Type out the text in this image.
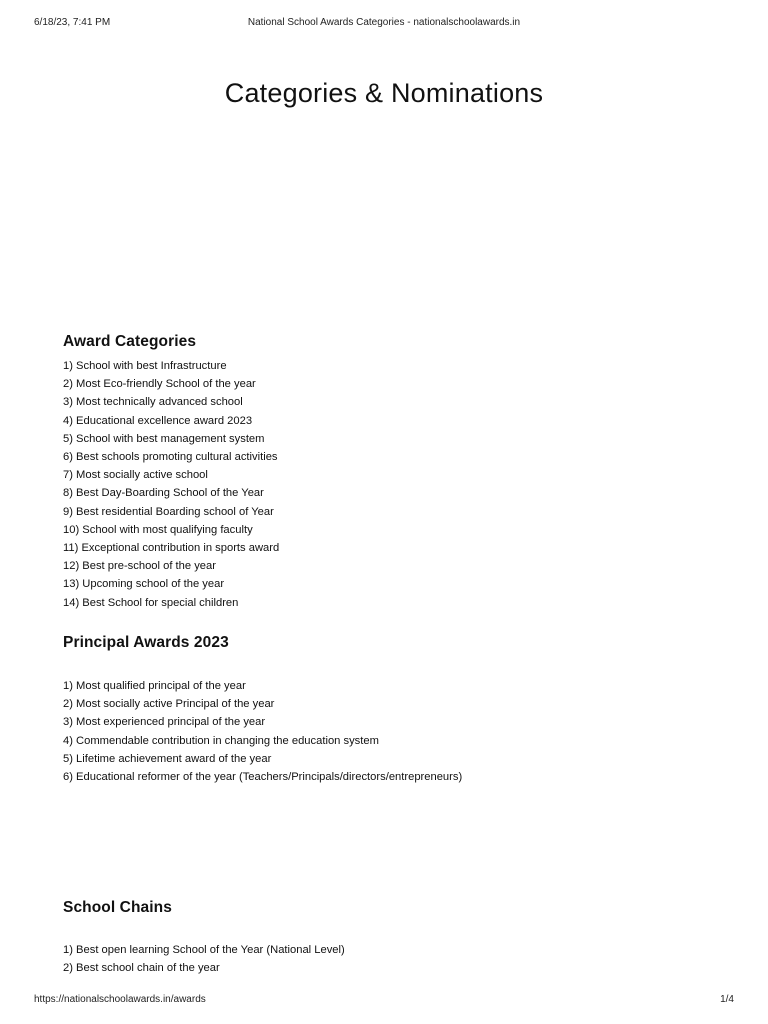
6/18/23, 7:41 PM	National School Awards Categories - nationalschoolawards.in
Categories & Nominations
Award Categories
1) School with best Infrastructure
2) Most Eco-friendly School of the year
3) Most technically advanced school
4) Educational excellence award 2023
5) School with best management system
6) Best schools promoting cultural activities
7) Most socially active school
8) Best Day-Boarding School of the Year
9) Best residential Boarding school of Year
10) School with most qualifying faculty
11) Exceptional contribution in sports award
12) Best pre-school of the year
13) Upcoming school of the year
14) Best School for special children
Principal Awards 2023
1) Most qualified principal of the year
2) Most socially active Principal of the year
3) Most experienced principal of the year
4) Commendable contribution in changing the education system
5) Lifetime achievement award of the year
6) Educational reformer of the year (Teachers/Principals/directors/entrepreneurs)
School Chains
1) Best open learning School of the Year (National Level)
2) Best school chain of the year
https://nationalschoolawards.in/awards	1/4
